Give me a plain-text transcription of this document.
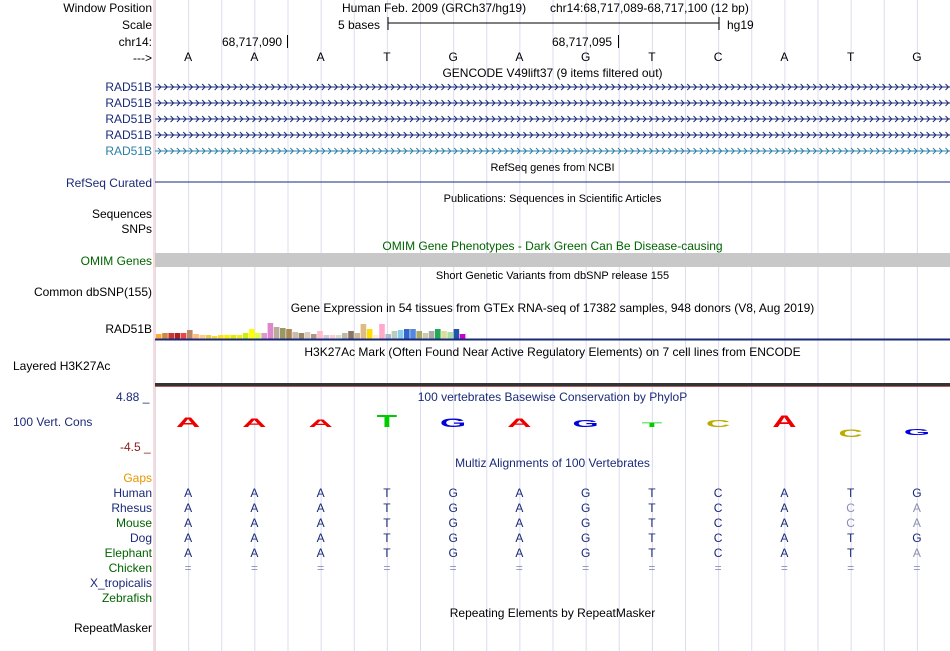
A	A	A	T	G	A	G	T	C	A
C	G
Window Position	Human Feb. 2009 (GRCh37/hg19) chr14:68,717,089-68,717,100 (12 bp)
Scale	5 bases	hg19
chr14:	68,717,090	68,717,095
--->	A	A	A	T	G	A	G	T	C	A	T	G
GENCODE V49lift37 (9 items filtered out)
RAD51B
RAD51B
RAD51B
RAD51B
RAD51B
RefSeq genes from NCBI
RefSeq Curated
Publications: Sequences in Scientific Articles
Sequences
SNPs
OMIM Gene Phenotypes - Dark Green Can Be Disease-causing
OMIM Genes
Short Genetic Variants from dbSNP release 155
Common dbSNP(155)
Gene Expression in 54 tissues from GTEx RNA-seq of 17382 samples, 948 donors (V8, Aug 2019)
RAD51B
H3K27Ac Mark (Often Found Near Active Regulatory Elements) on 7 cell lines from ENCODE
Layered H3K27Ac
4.88 _	100 vertebrates Basewise Conservation by PhyloP
100 Vert. Cons
-4.5 _
Multiz Alignments of 100 Vertebrates
Gaps
Human	A	A	A	T	G	A	G	T	C	A	T	G
Rhesus	A	A	A	T	G	A	G	T	C	A	C	A
Mouse	A	A	A	T	G	A	G	T	C	A	C	A
Dog	A	A	A	T	G	A	G	T	C	A	T	G
Elephant	A	A	A	T	G	A	G	T	C	A	T	A
Chicken	=	=	=	=	=	=	=	=	=	=	=	=
X_tropicalis
Zebrafish
Repeating Elements by RepeatMasker
RepeatMasker
